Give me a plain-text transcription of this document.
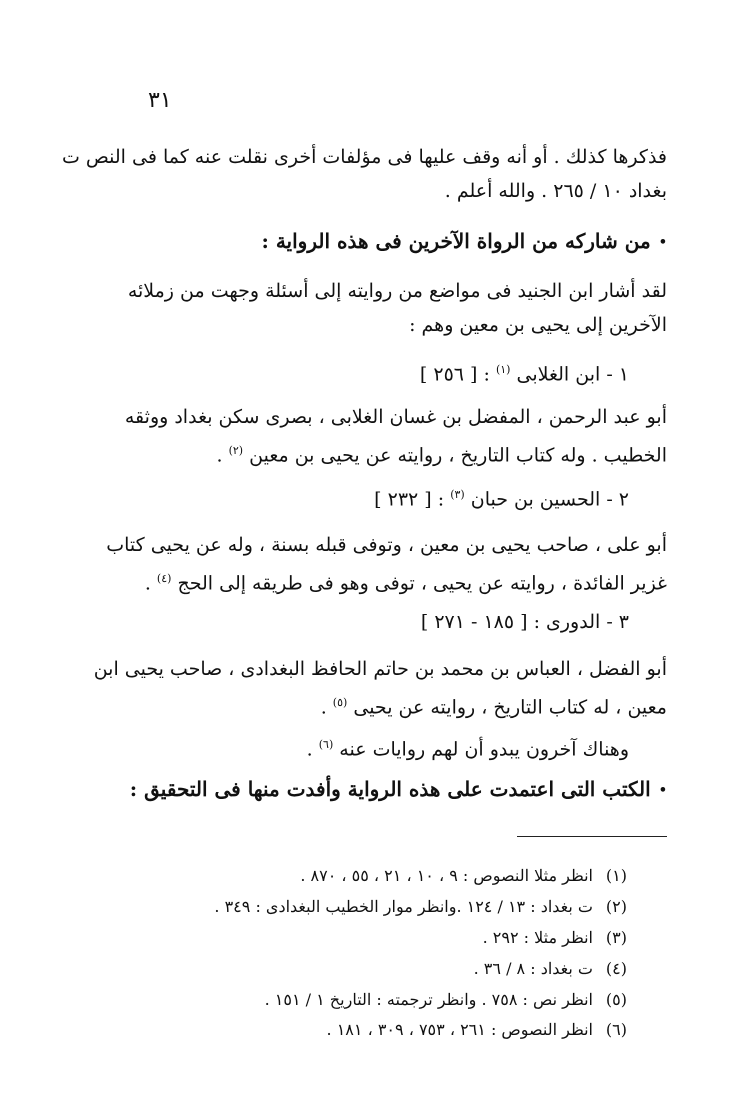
٣١
فذكرها كذلك . أو أنه وقف عليها فى مؤلفات أخرى نقلت عنه كما فى النص ت
بغداد ١٠ / ٢٦٥ . والله أعلم .
•من شاركه من الرواة الآخرين فى هذه الرواية :
لقد أشار ابن الجنيد فى مواضع من روايته إلى أسئلة وجهت من زملائه
الآخرين إلى يحيى بن معين وهم :
١ - ابن الغلابى $^{(١)}$ : [ ٢٥٦ ]
أبو عبد الرحمن ، المفضل بن غسان الغلابى ، بصرى سكن بغداد ووثقه
الخطيب . وله كتاب التاريخ ، روايته عن يحيى بن معين $^{(٢)}$ .
٢ - الحسين بن حبان $^{(٣)}$ : [ ٢٣٢ ]
أبو على ، صاحب يحيى بن معين ، وتوفى قبله بسنة ، وله عن يحيى كتاب
غزير الفائدة ، روايته عن يحيى ، توفى وهو فى طريقه إلى الحج $^{(٤)}$ .
٣ - الدورى : [ ١٨٥ - ٢٧١ ]
أبو الفضل ، العباس بن محمد بن حاتم الحافظ البغدادى ، صاحب يحيى ابن
معين ، له كتاب التاريخ ، روايته عن يحيى $^{(٥)}$ .
وهناك آخرون يبدو أن لهم روايات عنه $^{(٦)}$ .
•الكتب التى اعتمدت على هذه الرواية وأفدت منها فى التحقيق :
(١)انظر مثلا النصوص : ٩ ، ١٠ ، ٢١ ، ٥٥ ، ٨٧٠ .
(٢)ت بغداد : ١٣ / ١٢٤ .وانظر موار الخطيب البغدادى : ٣٤٩ .
(٣)انظر مثلا : ٢٩٢ .
(٤)ت بغداد : ٨ / ٣٦ .
(٥)انظر نص : ٧٥٨ . وانظر ترجمته : التاريخ ١ / ١٥١ .
(٦)انظر النصوص : ٢٦١ ، ٧٥٣ ، ٣٠٩ ، ١٨١ .
